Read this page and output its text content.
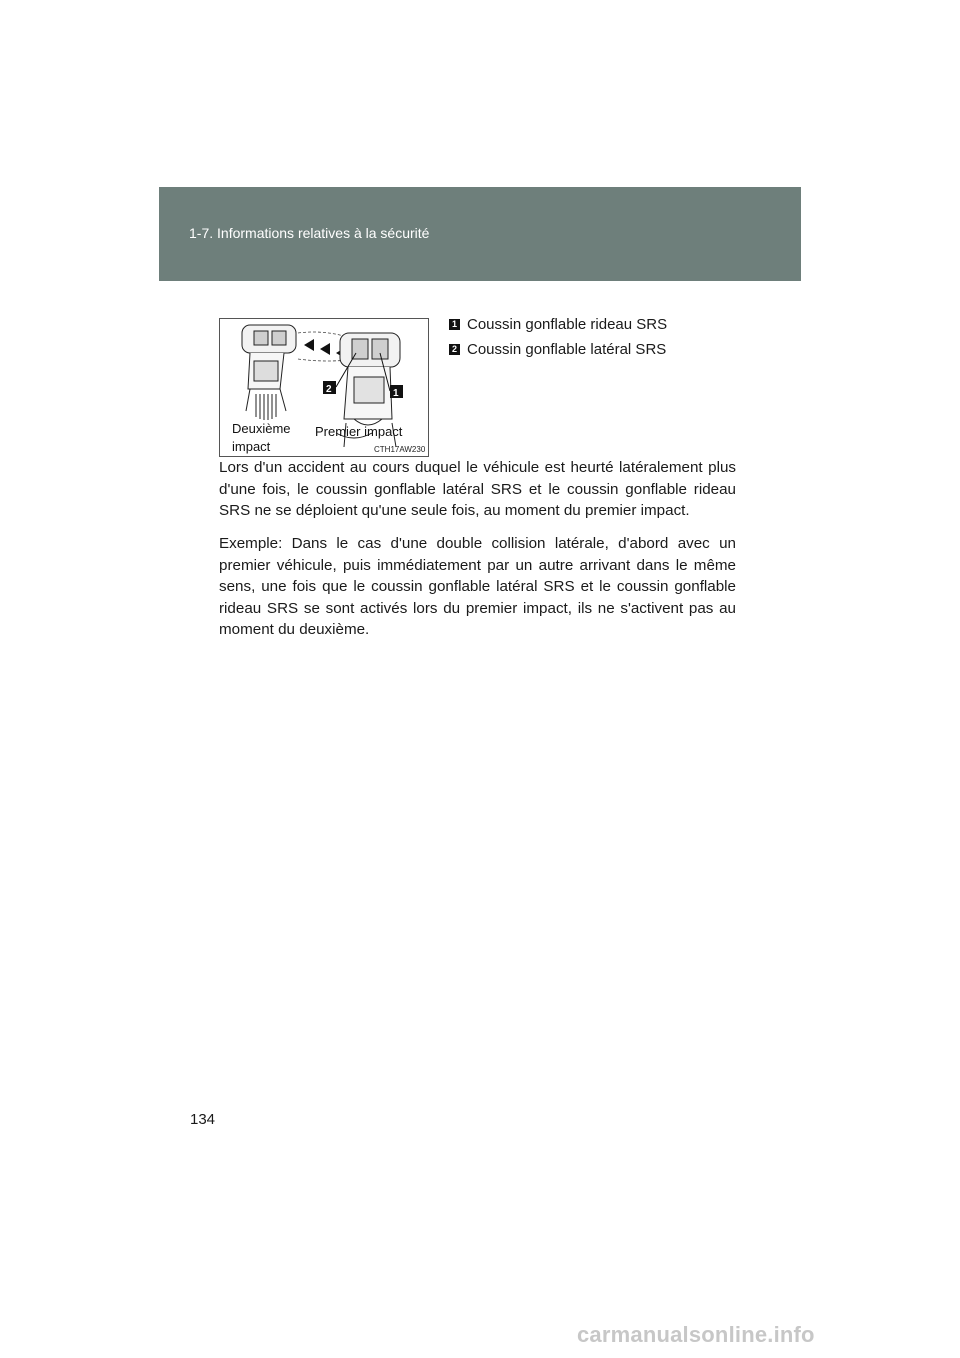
1-7. Informations relatives à la sécurité
2	1
Deuxième
impact
Premier impact
CTH17AW230
1 Coussin gonflable rideau SRS
2 Coussin gonflable latéral SRS

Lors d'un accident au cours duquel le véhicule est heurté latéralement plus d'une fois, le coussin gonflable latéral SRS et le coussin gonflable rideau SRS ne se déploient qu'une seule fois, au moment du premier impact.

Exemple: Dans le cas d'une double collision latérale, d'abord avec un premier véhicule, puis immédiatement par un autre arrivant dans le même sens, une fois que le coussin gonflable latéral SRS et le coussin gonflable rideau SRS se sont activés lors du premier impact, ils ne s'activent pas au moment du deuxième.

134
carmanualsonline.info
